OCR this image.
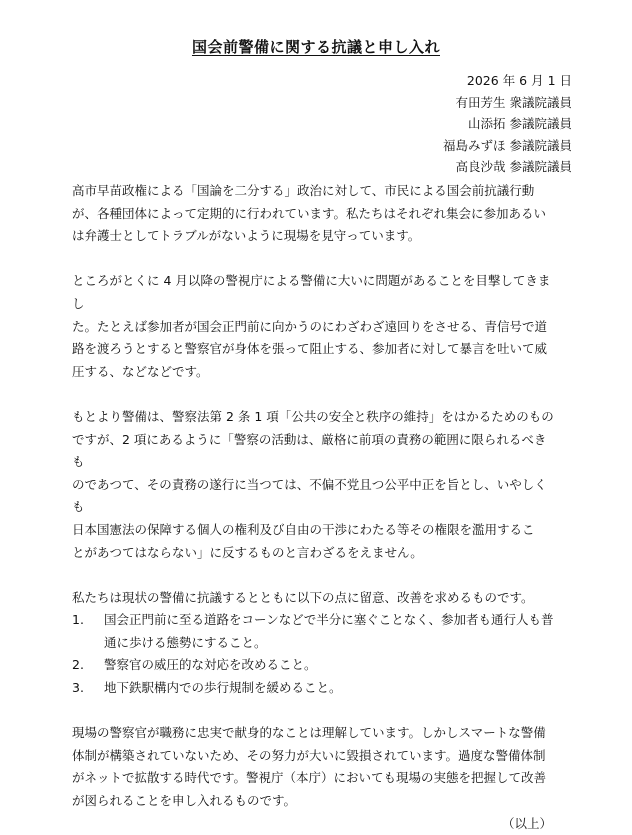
国会前警備に関する抗議と申し入れ
2026 年 6 月 1 日
有田芳生 衆議院議員
山添拓 参議院議員
福島みずほ 参議院議員
高良沙哉 参議院議員

高市早苗政権による「国論を二分する」政治に対して、市民による国会前抗議行動
が、各種団体によって定期的に行われています。私たちはそれぞれ集会に参加あるい
は弁護士としてトラブルがないように現場を見守っています。

ところがとくに 4 月以降の警視庁による警備に大いに問題があることを目撃してきまし
た。たとえば参加者が国会正門前に向かうのにわざわざ遠回りをさせる、青信号で道
路を渡ろうとすると警察官が身体を張って阻止する、参加者に対して暴言を吐いて威
圧する、などなどです。

もとより警備は、警察法第 2 条 1 項「公共の安全と秩序の維持」をはかるためのもの
ですが、2 項にあるように「警察の活動は、厳格に前項の責務の範囲に限られるべきも
のであつて、その責務の遂行に当つては、不偏不党且つ公平中正を旨とし、いやしくも
日本国憲法の保障する個人の権利及び自由の干渉にわたる等その権限を濫用するこ
とがあつてはならない」に反するものと言わざるをえません。

私たちは現状の警備に抗議するとともに以下の点に留意、改善を求めるものです。

1.	国会正門前に至る道路をコーンなどで半分に塞ぐことなく、参加者も通行人も普
通に歩ける態勢にすること。
2.	警察官の威圧的な対応を改めること。
3.	地下鉄駅構内での歩行規制を緩めること。

現場の警察官が職務に忠実で献身的なことは理解しています。しかしスマートな警備
体制が構築されていないため、その努力が大いに毀損されています。過度な警備体制
がネットで拡散する時代です。警視庁（本庁）においても現場の実態を把握して改善
が図られることを申し入れるものです。

（以上）
